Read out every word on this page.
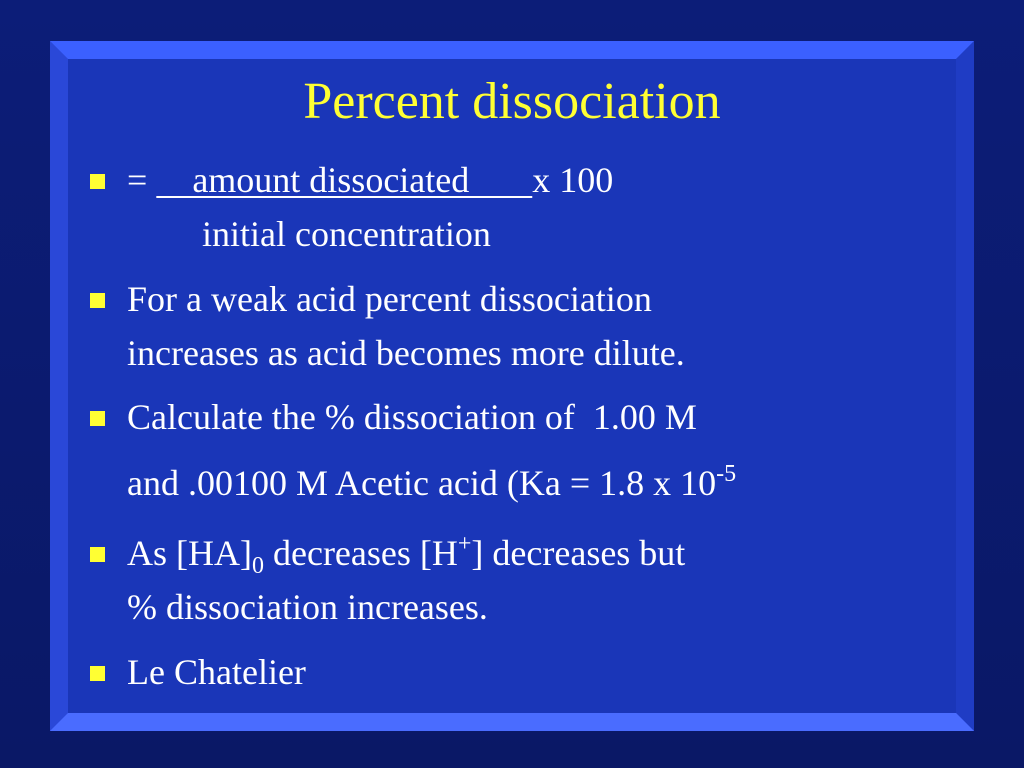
Percent dissociation
=     amount dissociated       x 100
initial concentration
For a weak acid percent dissociation
increases as acid becomes more dilute.
Calculate the % dissociation of  1.00 M
and .00100 M Acetic acid (Ka = 1.8 x $10^{-5}$
As $[HA]_0$ decreases [H+] decreases but
% dissociation increases.
Le Chatelier
